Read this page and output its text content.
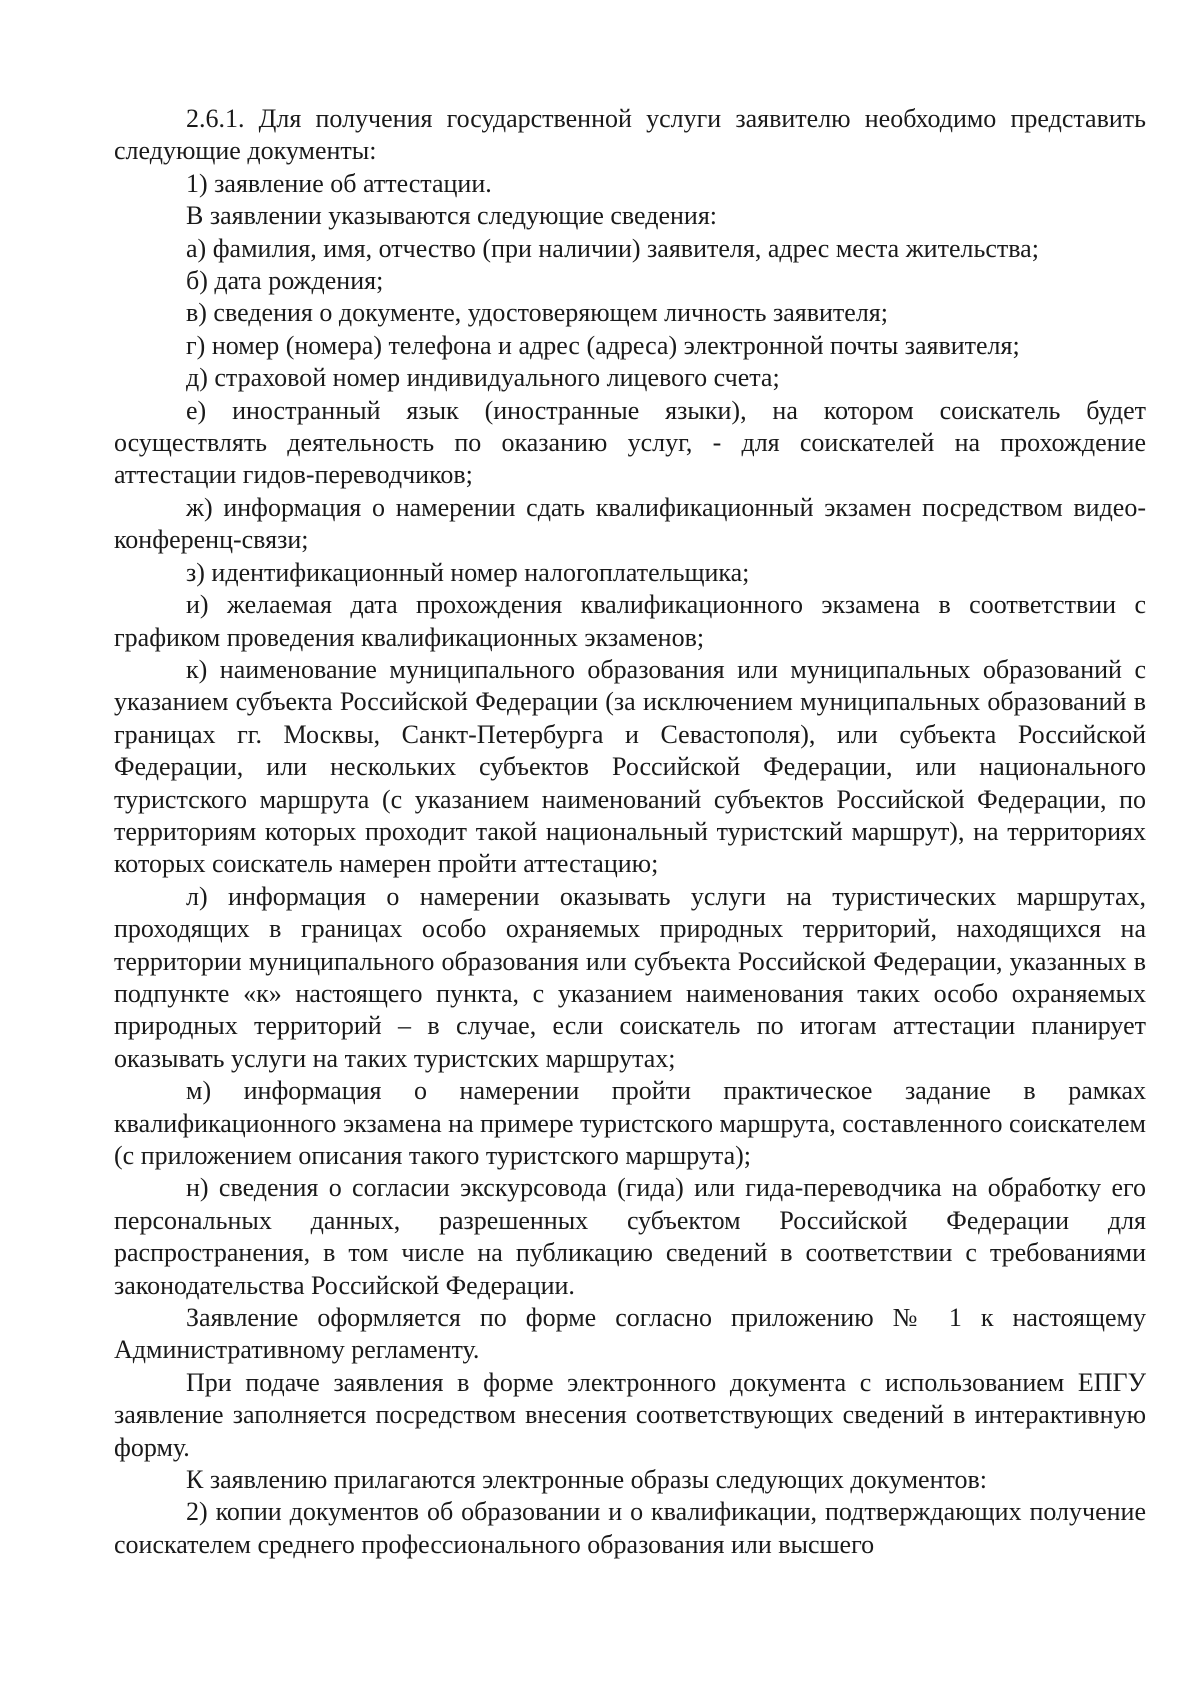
2.6.1. Для получения государственной услуги заявителю необходимо представить следующие документы:

1) заявление об аттестации.

В заявлении указываются следующие сведения:

а) фамилия, имя, отчество (при наличии) заявителя, адрес места жительства;

б) дата рождения;

в) сведения о документе, удостоверяющем личность заявителя;

г) номер (номера) телефона и адрес (адреса) электронной почты заявителя;

д) страховой номер индивидуального лицевого счета;

е) иностранный язык (иностранные языки), на котором соискатель будет осуществлять деятельность по оказанию услуг, - для соискателей на прохождение аттестации гидов-переводчиков;

ж) информация о намерении сдать квалификационный экзамен посредством видео-конференц-связи;

з) идентификационный номер налогоплательщика;

и) желаемая дата прохождения квалификационного экзамена в соответствии с графиком проведения квалификационных экзаменов;

к) наименование муниципального образования или муниципальных образований с указанием субъекта Российской Федерации (за исключением муниципальных образований в границах гг. Москвы, Санкт-Петербурга и Севастополя), или субъекта Российской Федерации, или нескольких субъектов Российской Федерации, или национального туристского маршрута (с указанием наименований субъектов Российской Федерации, по территориям которых проходит такой национальный туристский маршрут), на территориях которых соискатель намерен пройти аттестацию;

л) информация о намерении оказывать услуги на туристических маршрутах, проходящих в границах особо охраняемых природных территорий, находящихся на территории муниципального образования или субъекта Российской Федерации, указанных в подпункте «к» настоящего пункта, с указанием наименования таких особо охраняемых природных территорий – в случае, если соискатель по итогам аттестации планирует оказывать услуги на таких туристских маршрутах;

м) информация о намерении пройти практическое задание в рамках квалификационного экзамена на примере туристского маршрута, составленного соискателем (с приложением описания такого туристского маршрута);

н) сведения о согласии экскурсовода (гида) или гида-переводчика на обработку его персональных данных, разрешенных субъектом Российской Федерации для распространения, в том числе на публикацию сведений в соответствии с требованиями законодательства Российской Федерации.

Заявление оформляется по форме согласно приложению № 1 к настоящему Административному регламенту.

При подаче заявления в форме электронного документа с использованием ЕПГУ заявление заполняется посредством внесения соответствующих сведений в интерактивную форму.

К заявлению прилагаются электронные образы следующих документов:

2) копии документов об образовании и о квалификации, подтверждающих получение соискателем среднего профессионального образования или высшего
